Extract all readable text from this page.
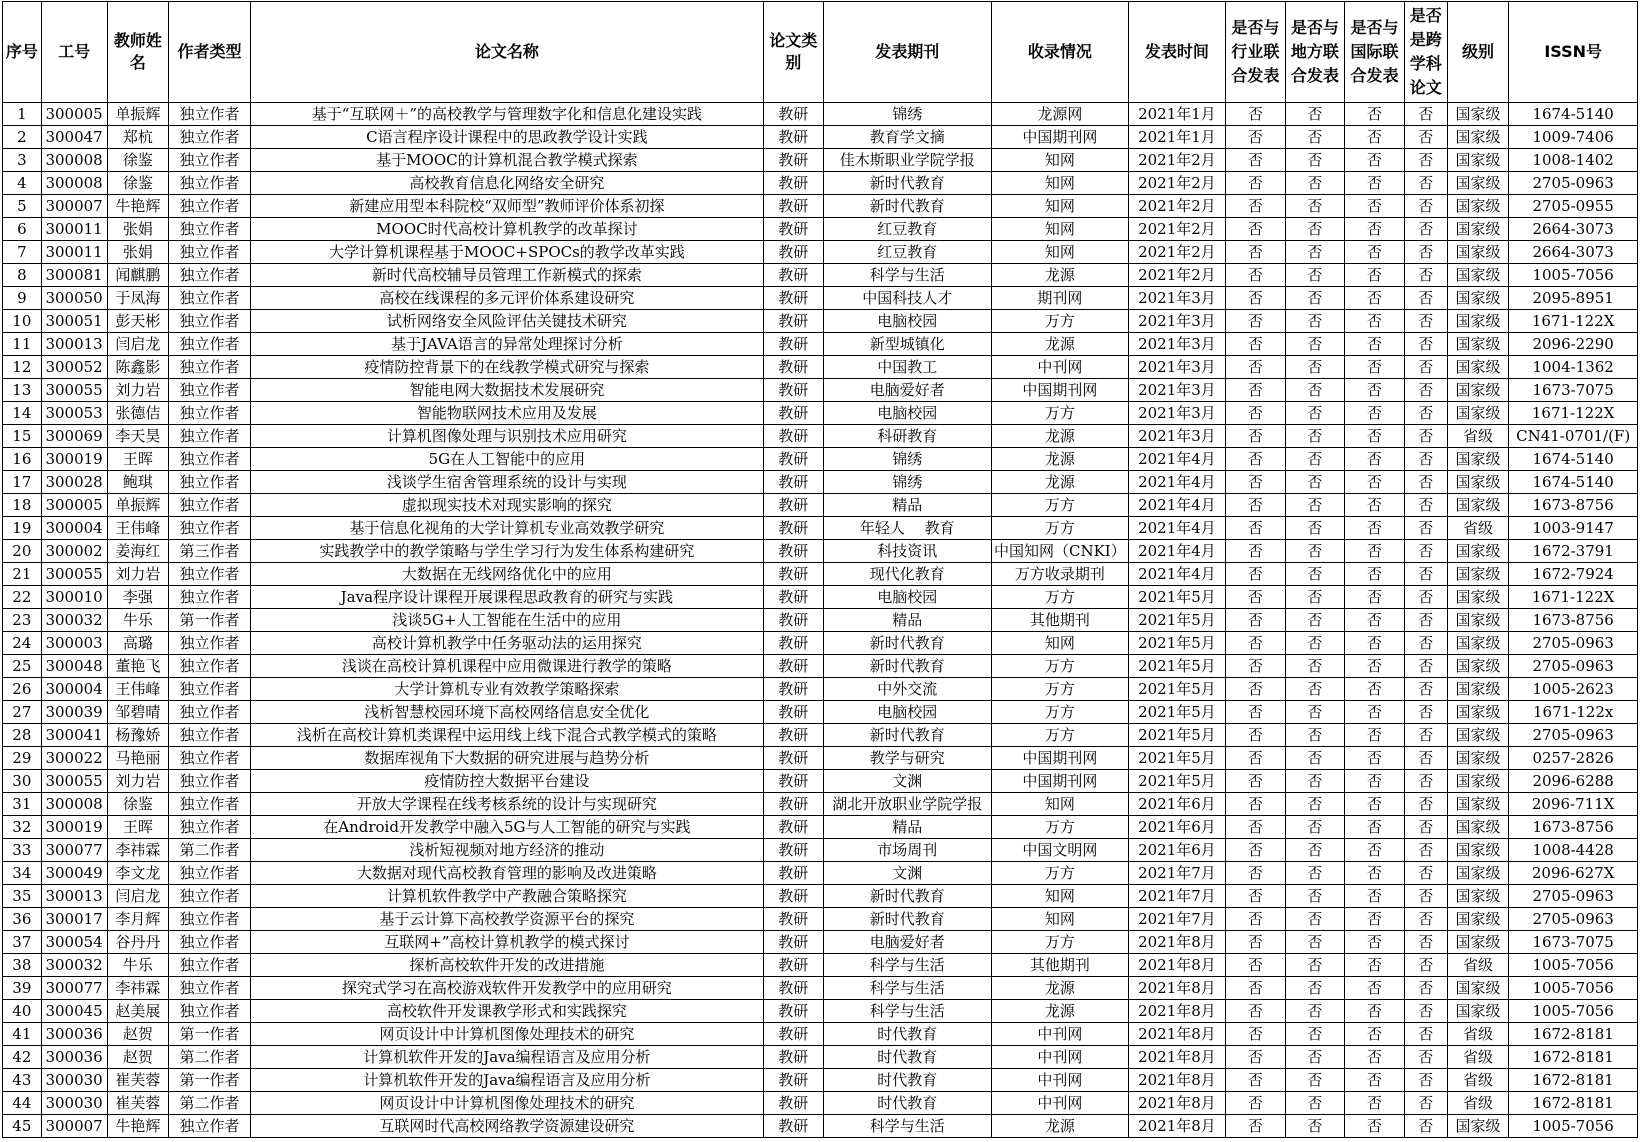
序号	工号	教师姓名	作者类型	论文名称	论文类别	发表期刊	收录情况	发表时间	是否与行业联合发表	是否与地方联合发表	是否与国际联合发表	是否是跨学科论文	级别	ISSN号
1	300005	单振辉	独立作者	基于“互联网＋”的高校教学与管理数字化和信息化建设实践	教研	锦绣	龙源网	2021年1月	否	否	否	否	国家级	1674-5140
2	300047	郑杭	独立作者	C语言程序设计课程中的思政教学设计实践	教研	教育学文摘	中国期刊网	2021年1月	否	否	否	否	国家级	1009-7406
3	300008	徐鉴	独立作者	基于MOOC的计算机混合教学模式探索	教研	佳木斯职业学院学报	知网	2021年2月	否	否	否	否	国家级	1008-1402
4	300008	徐鉴	独立作者	高校教育信息化网络安全研究	教研	新时代教育	知网	2021年2月	否	否	否	否	国家级	2705-0963
5	300007	牛艳辉	独立作者	新建应用型本科院校“双师型”教师评价体系初探	教研	新时代教育	知网	2021年2月	否	否	否	否	国家级	2705-0955
6	300011	张娟	独立作者	MOOC时代高校计算机教学的改革探讨	教研	红豆教育	知网	2021年2月	否	否	否	否	国家级	2664-3073
7	300011	张娟	独立作者	大学计算机课程基于MOOC+SPOCs的教学改革实践	教研	红豆教育	知网	2021年2月	否	否	否	否	国家级	2664-3073
8	300081	闻麒鹏	独立作者	新时代高校辅导员管理工作新模式的探索	教研	科学与生活	龙源	2021年2月	否	否	否	否	国家级	1005-7056
9	300050	于凤海	独立作者	高校在线课程的多元评价体系建设研究	教研	中国科技人才	期刊网	2021年3月	否	否	否	否	国家级	2095-8951
10	300051	彭天彬	独立作者	试析网络安全风险评估关键技术研究	教研	电脑校园	万方	2021年3月	否	否	否	否	国家级	1671-122X
11	300013	闫启龙	独立作者	基于JAVA语言的异常处理探讨分析	教研	新型城镇化	龙源	2021年3月	否	否	否	否	国家级	2096-2290
12	300052	陈鑫影	独立作者	疫情防控背景下的在线教学模式研究与探索	教研	中国教工	中刊网	2021年3月	否	否	否	否	国家级	1004-1362
13	300055	刘力岩	独立作者	智能电网大数据技术发展研究	教研	电脑爱好者	中国期刊网	2021年3月	否	否	否	否	国家级	1673-7075
14	300053	张德佶	独立作者	智能物联网技术应用及发展	教研	电脑校园	万方	2021年3月	否	否	否	否	国家级	1671-122X
15	300069	李天昊	独立作者	计算机图像处理与识别技术应用研究	教研	科研教育	龙源	2021年3月	否	否	否	否	省级	CN41-0701/(F)
16	300019	王晖	独立作者	5G在人工智能中的应用	教研	锦绣	龙源	2021年4月	否	否	否	否	国家级	1674-5140
17	300028	鲍琪	独立作者	浅谈学生宿舍管理系统的设计与实现	教研	锦绣	龙源	2021年4月	否	否	否	否	国家级	1674-5140
18	300005	单振辉	独立作者	虚拟现实技术对现实影响的探究	教研	精品	万方	2021年4月	否	否	否	否	国家级	1673-8756
19	300004	王伟峰	独立作者	基于信息化视角的大学计算机专业高效教学研究	教研	年轻人　 教育	万方	2021年4月	否	否	否	否	省级	1003-9147
20	300002	姜海红	第三作者	实践教学中的教学策略与学生学习行为发生体系构建研究	教研	科技资讯	中国知网（CNKI）	2021年4月	否	否	否	否	国家级	1672-3791
21	300055	刘力岩	独立作者	大数据在无线网络优化中的应用	教研	现代化教育	万方收录期刊	2021年4月	否	否	否	否	国家级	1672-7924
22	300010	李强	独立作者	Java程序设计课程开展课程思政教育的研究与实践	教研	电脑校园	万方	2021年5月	否	否	否	否	国家级	1671-122X
23	300032	牛乐	第一作者	浅谈5G+人工智能在生活中的应用	教研	精品	其他期刊	2021年5月	否	否	否	否	国家级	1673-8756
24	300003	高璐	独立作者	高校计算机教学中任务驱动法的运用探究	教研	新时代教育	知网	2021年5月	否	否	否	否	国家级	2705-0963
25	300048	董艳飞	独立作者	浅谈在高校计算机课程中应用微课进行教学的策略	教研	新时代教育	万方	2021年5月	否	否	否	否	国家级	2705-0963
26	300004	王伟峰	独立作者	大学计算机专业有效教学策略探索	教研	中外交流	万方	2021年5月	否	否	否	否	国家级	1005-2623
27	300039	邹碧晴	独立作者	浅析智慧校园环境下高校网络信息安全优化	教研	电脑校园	万方	2021年5月	否	否	否	否	国家级	1671-122x
28	300041	杨豫娇	独立作者	浅析在高校计算机类课程中运用线上线下混合式教学模式的策略	教研	新时代教育	万方	2021年5月	否	否	否	否	国家级	2705-0963
29	300022	马艳丽	独立作者	数据库视角下大数据的研究进展与趋势分析	教研	教学与研究	中国期刊网	2021年5月	否	否	否	否	国家级	0257-2826
30	300055	刘力岩	独立作者	疫情防控大数据平台建设	教研	文渊	中国期刊网	2021年5月	否	否	否	否	国家级	2096-6288
31	300008	徐鉴	独立作者	开放大学课程在线考核系统的设计与实现研究	教研	湖北开放职业学院学报	知网	2021年6月	否	否	否	否	国家级	2096-711X
32	300019	王晖	独立作者	在Android开发教学中融入5G与人工智能的研究与实践	教研	精品	万方	2021年6月	否	否	否	否	国家级	1673-8756
33	300077	李祎霖	第二作者	浅析短视频对地方经济的推动	教研	市场周刊	中国文明网	2021年6月	否	否	否	否	国家级	1008-4428
34	300049	李文龙	独立作者	大数据对现代高校教育管理的影响及改进策略	教研	文渊	万方	2021年7月	否	否	否	否	国家级	2096-627X
35	300013	闫启龙	独立作者	计算机软件教学中产教融合策略探究	教研	新时代教育	知网	2021年7月	否	否	否	否	国家级	2705-0963
36	300017	李月辉	独立作者	基于云计算下高校教学资源平台的探究	教研	新时代教育	知网	2021年7月	否	否	否	否	国家级	2705-0963
37	300054	谷丹丹	独立作者	互联网+”高校计算机教学的模式探讨	教研	电脑爱好者	万方	2021年8月	否	否	否	否	国家级	1673-7075
38	300032	牛乐	独立作者	探析高校软件开发的改进措施	教研	科学与生活	其他期刊	2021年8月	否	否	否	否	省级	1005-7056
39	300077	李祎霖	独立作者	探究式学习在高校游戏软件开发教学中的应用研究	教研	科学与生活	龙源	2021年8月	否	否	否	否	国家级	1005-7056
40	300045	赵美展	独立作者	高校软件开发课教学形式和实践探究	教研	科学与生活	龙源	2021年8月	否	否	否	否	国家级	1005-7056
41	300036	赵贺	第一作者	网页设计中计算机图像处理技术的研究	教研	时代教育	中刊网	2021年8月	否	否	否	否	省级	1672-8181
42	300036	赵贺	第二作者	计算机软件开发的Java编程语言及应用分析	教研	时代教育	中刊网	2021年8月	否	否	否	否	省级	1672-8181
43	300030	崔芙蓉	第一作者	计算机软件开发的Java编程语言及应用分析	教研	时代教育	中刊网	2021年8月	否	否	否	否	省级	1672-8181
44	300030	崔芙蓉	第二作者	网页设计中计算机图像处理技术的研究	教研	时代教育	中刊网	2021年8月	否	否	否	否	省级	1672-8181
45	300007	牛艳辉	独立作者	互联网时代高校网络教学资源建设研究	教研	科学与生活	龙源	2021年8月	否	否	否	否	国家级	1005-7056
